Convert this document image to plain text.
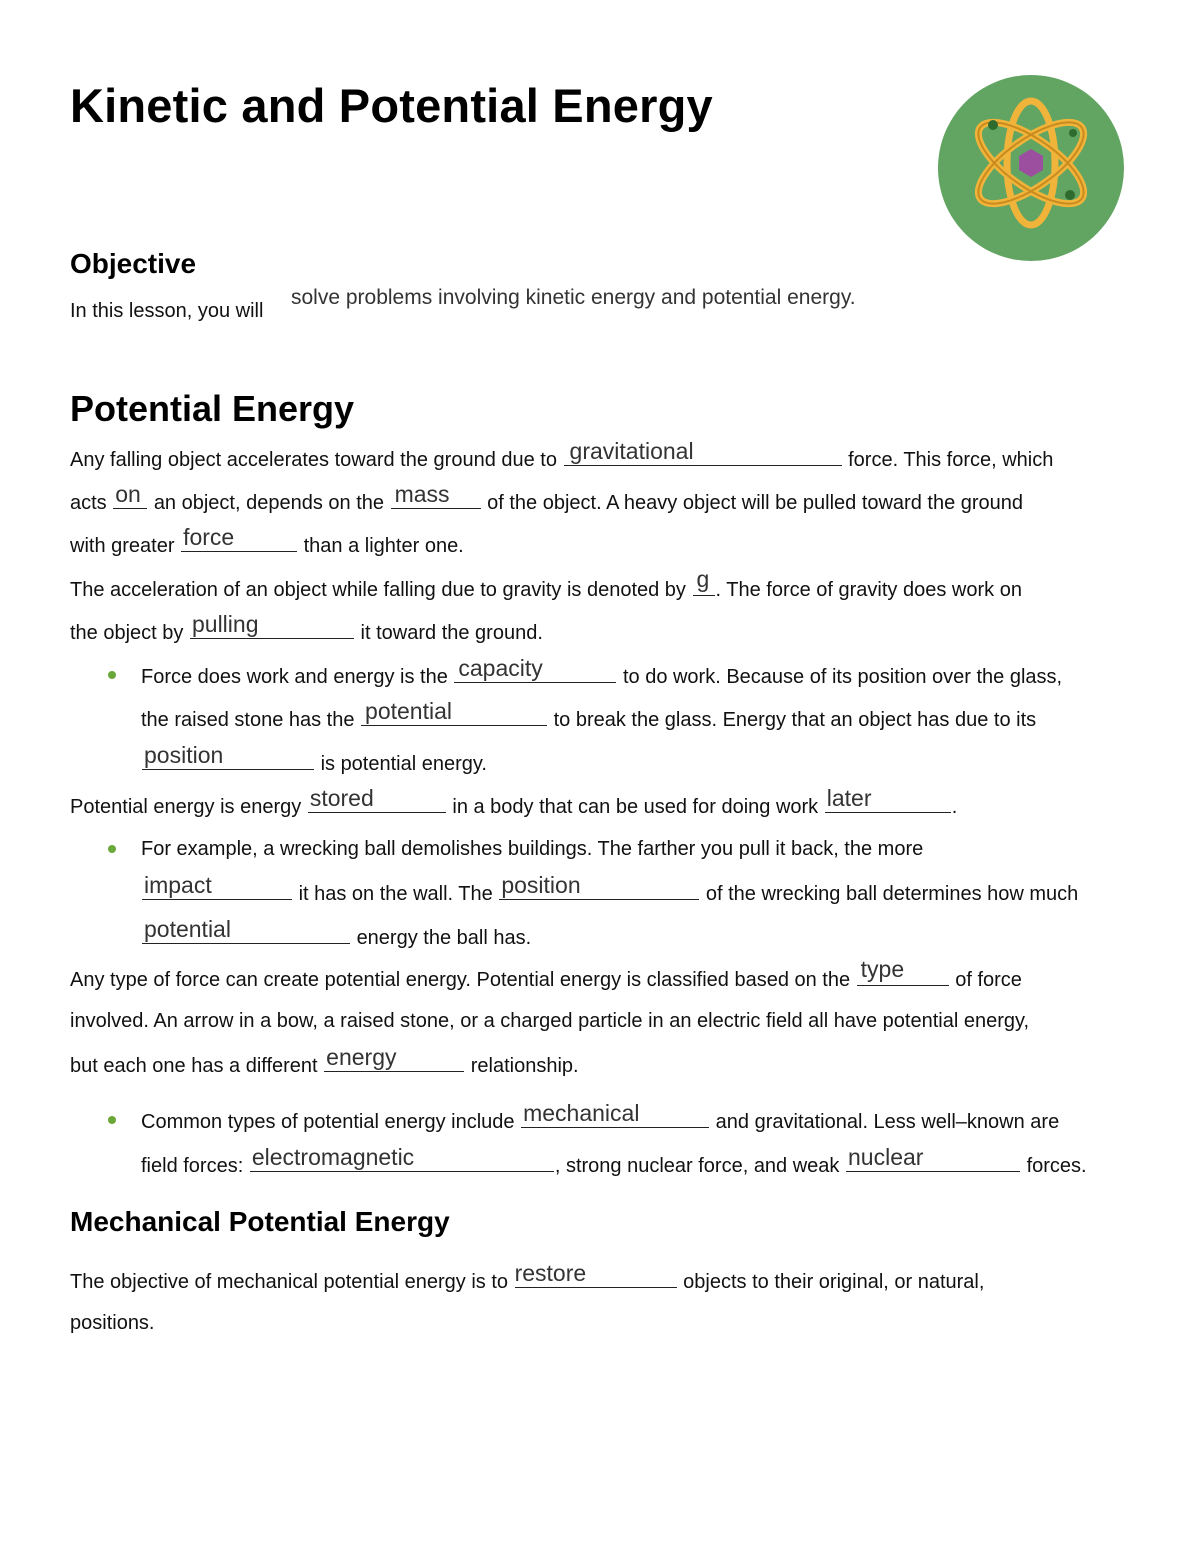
Kinetic and Potential Energy
Objective
In this lesson, you will
solve problems involving kinetic energy and potential energy.
Potential Energy
Any falling object accelerates toward the ground due to gravitational	force. This force, which
acts on an object, depends on the mass of the object. A heavy object will be pulled toward the ground
with greater force	than a lighter one.
The acceleration of an object while falling due to gravity is denoted by g . The force of gravity does work on
the object by pulling	it toward the ground.
Force does work and energy is the capacity	to do work. Because of its position over the glass,
the raised stone has the potential	to break the glass. Energy that an object has due to its
position	is potential energy.
Potential energy is energy stored	in a body that can be used for doing work later	.
For example, a wrecking ball demolishes buildings. The farther you pull it back, the more
impact	it has on the wall. The position	of the wrecking ball determines how much
potential	energy the ball has.
Any type of force can create potential energy. Potential energy is classified based on the type	of force
involved. An arrow in a bow, a raised stone, or a charged particle in an electric field all have potential energy,
but each one has a different energy	relationship.
Common types of potential energy include mechanical	and gravitational. Less well–known are
field forces: electromagnetic	, strong nuclear force, and weak nuclear	forces.
Mechanical Potential Energy
The objective of mechanical potential energy is to restore	objects to their original, or natural,
positions.
